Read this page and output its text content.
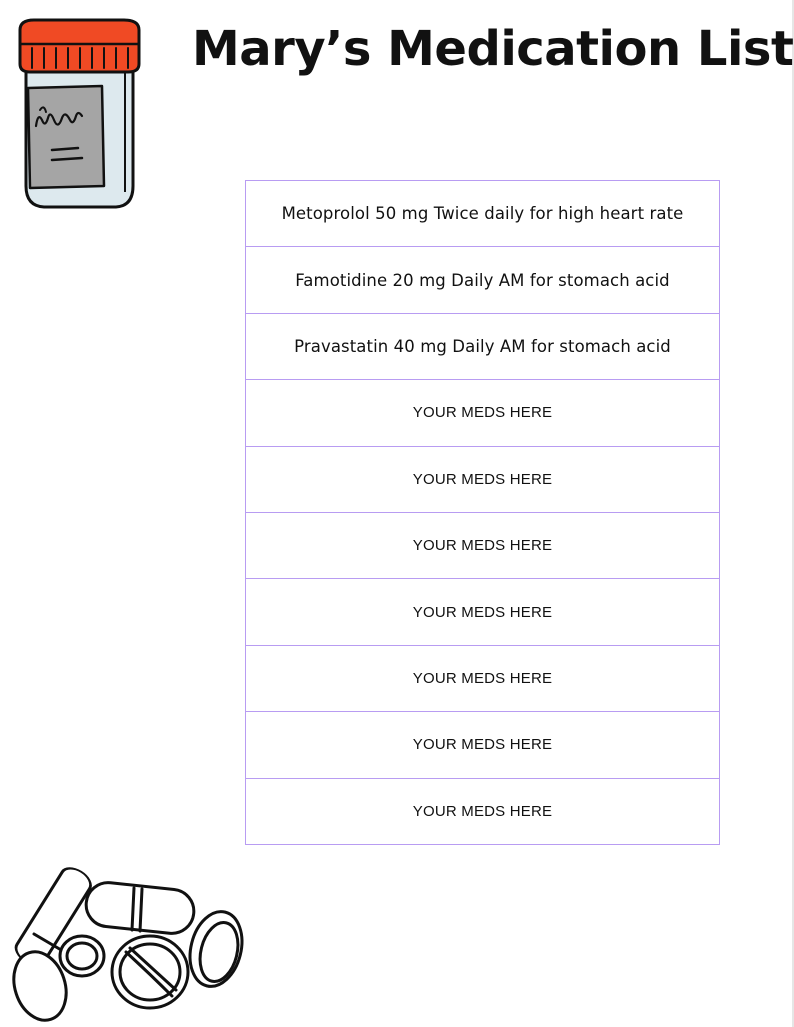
Mary’s Medication List
Metoprolol 50 mg Twice daily for high heart rate
Famotidine 20 mg Daily AM for stomach acid
Pravastatin 40 mg Daily AM for stomach acid
YOUR MEDS HERE
YOUR MEDS HERE
YOUR MEDS HERE
YOUR MEDS HERE
YOUR MEDS HERE
YOUR MEDS HERE
YOUR MEDS HERE
